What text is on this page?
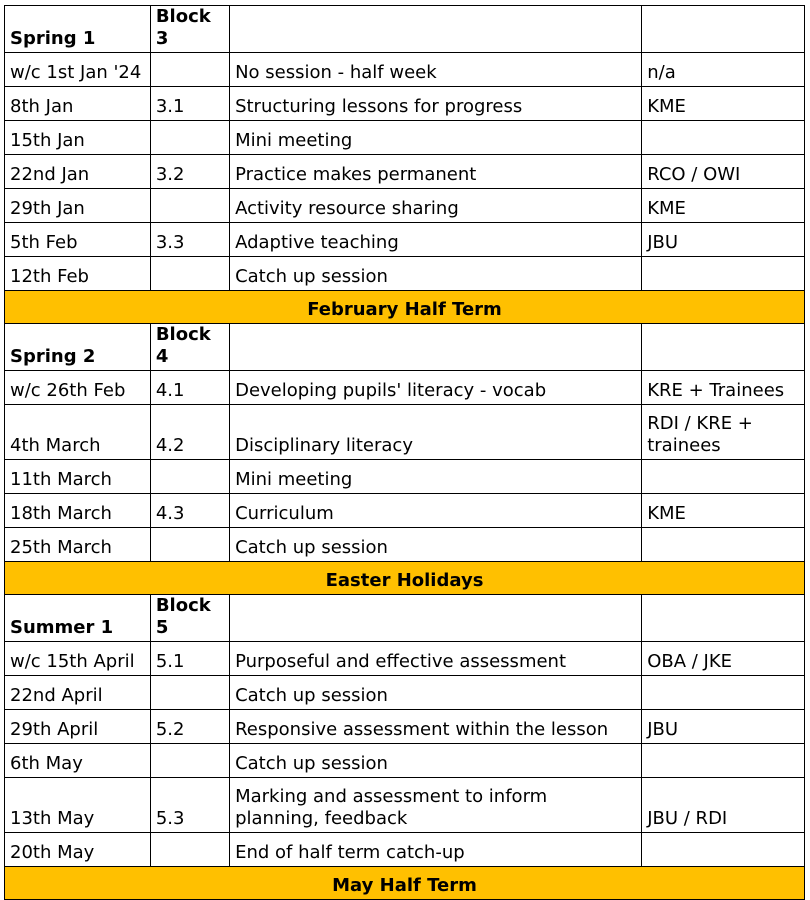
Spring 1	Block 3		
w/c 1st Jan '24		No session - half week	n/a
8th Jan	3.1	Structuring lessons for progress	KME
15th Jan		Mini meeting	
22nd Jan	3.2	Practice makes permanent	RCO / OWI
29th Jan		Activity resource sharing	KME
5th Feb	3.3	Adaptive teaching	JBU
12th Feb		Catch up session	
February Half Term			
Spring 2	Block 4		
w/c 26th Feb	4.1	Developing pupils' literacy - vocab	KRE + Trainees
4th March	4.2	Disciplinary literacy	RDI / KRE + trainees
11th March		Mini meeting	
18th March	4.3	Curriculum	KME
25th March		Catch up session	
Easter Holidays			
Summer 1	Block 5		
w/c 15th April	5.1	Purposeful and effective assessment	OBA / JKE
22nd April		Catch up session	
29th April	5.2	Responsive assessment within the lesson	JBU
6th May		Catch up session	
13th May	5.3	Marking and assessment to inform planning, feedback	JBU / RDI
20th May		End of half term catch-up	
May Half Term			
